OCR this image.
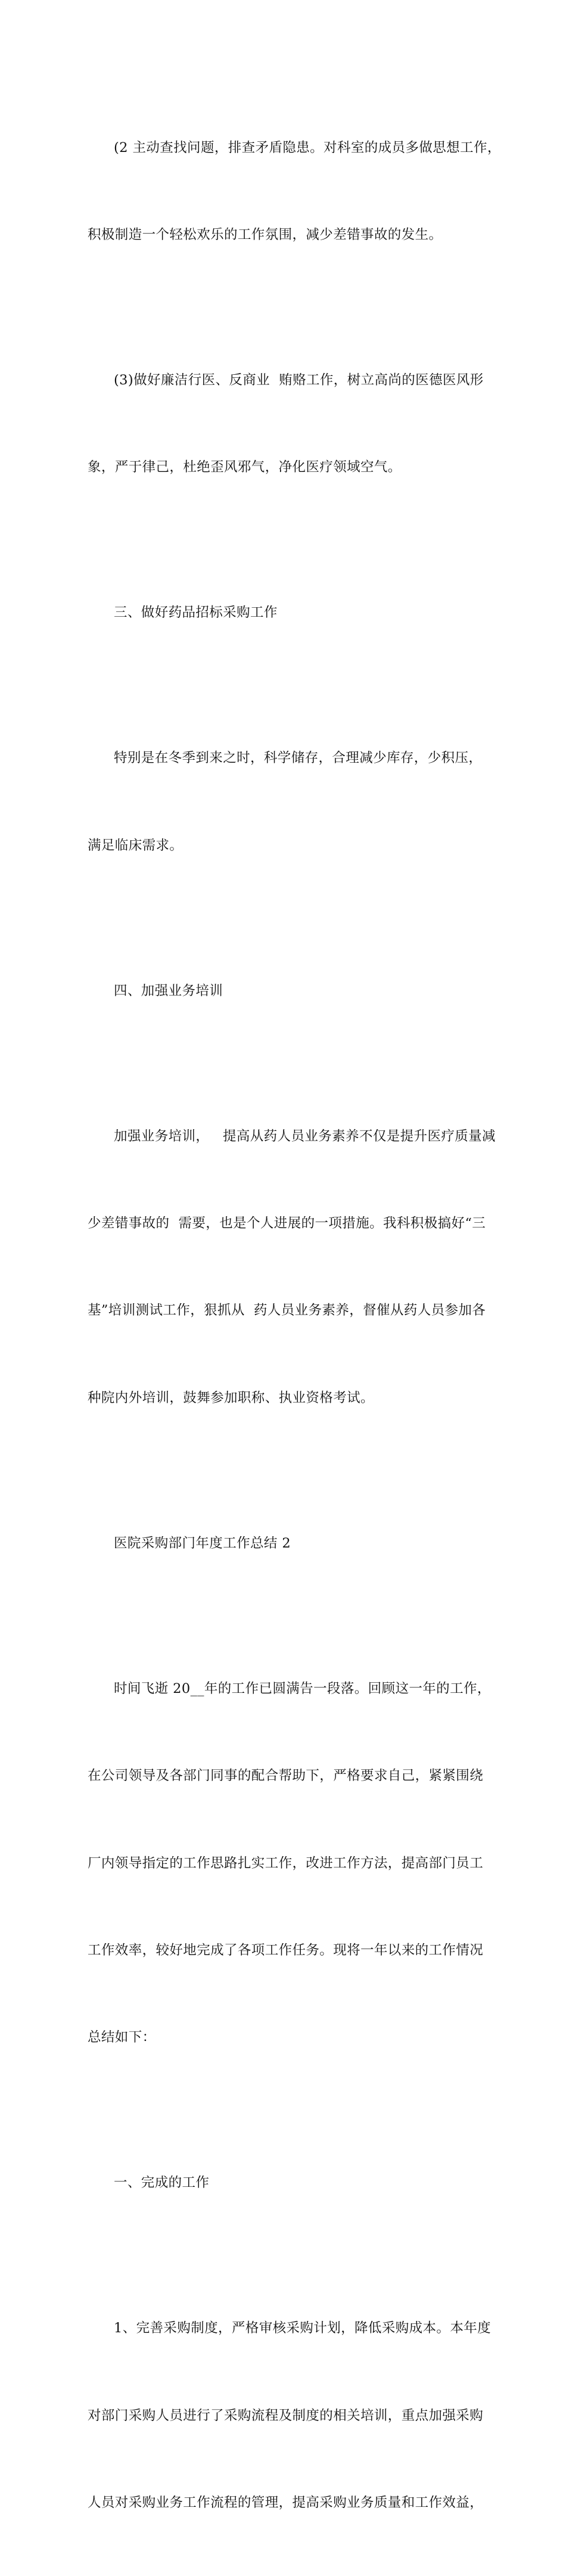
(2 主动查找问题，排查矛盾隐患。对科室的成员多做思想工作，

积极制造一个轻松欢乐的工作氛围，减少差错事故的发生。

(3)做好廉洁行医、反商业  贿赂工作，树立高尚的医德医风形

象，严于律己，杜绝歪风邪气，净化医疗领域空气。

三、做好药品招标采购工作

特别是在冬季到来之时，科学储存，合理减少库存，少积压，

满足临床需求。

四、加强业务培训

加强业务培训，   提高从药人员业务素养不仅是提升医疗质量减

少差错事故的  需要，也是个人进展的一项措施。我科积极搞好“三

基”培训测试工作，狠抓从  药人员业务素养，督催从药人员参加各

种院内外培训，鼓舞参加职称、执业资格考试。

医院采购部门年度工作总结 2

时间飞逝 20__年的工作已圆满告一段落。回顾这一年的工作，

在公司领导及各部门同事的配合帮助下，严格要求自己，紧紧围绕

厂内领导指定的工作思路扎实工作，改进工作方法，提高部门员工

工作效率，较好地完成了各项工作任务。现将一年以来的工作情况

总结如下：

一、完成的工作

1、完善采购制度，严格审核采购计划，降低采购成本。本年度

对部门采购人员进行了采购流程及制度的相关培训，重点加强采购

人员对采购业务工作流程的管理，提高采购业务质量和工作效益，
